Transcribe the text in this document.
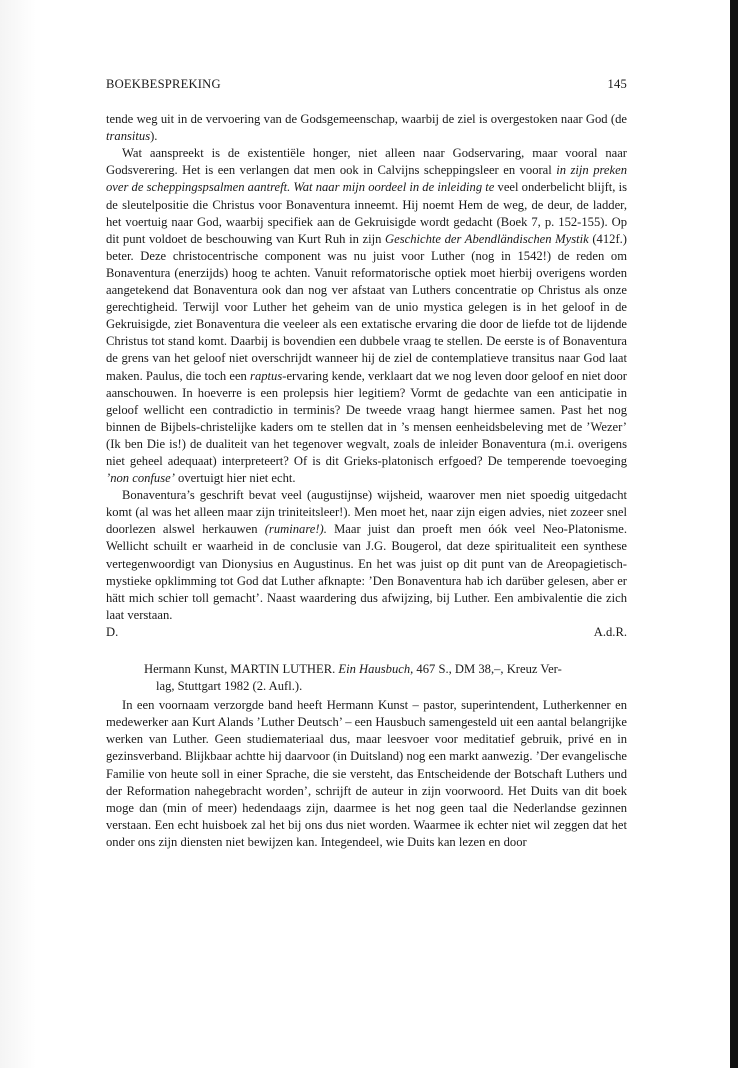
BOEKBESPREKING	145

tende weg uit in de vervoering van de Godsgemeenschap, waarbij de ziel is overgestoken naar God (de transitus).

Wat aanspreekt is de existentiële honger, niet alleen naar Godservaring, maar vooral naar Godsverering. Het is een verlangen dat men ook in Calvijns scheppingsleer en vooral in zijn preken over de scheppingspsalmen aantreft. Wat naar mijn oordeel in de inleiding te veel onderbelicht blijft, is de sleutelpositie die Christus voor Bonaventura inneemt. Hij noemt Hem de weg, de deur, de ladder, het voertuig naar God, waarbij specifiek aan de Gekruisigde wordt gedacht (Boek 7, p. 152-155). Op dit punt voldoet de beschouwing van Kurt Ruh in zijn Geschichte der Abendländischen Mystik (412f.) beter. Deze christocentrische component was nu juist voor Luther (nog in 1542!) de reden om Bonaventura (enerzijds) hoog te achten. Vanuit reformatorische optiek moet hierbij overigens worden aangetekend dat Bonaventura ook dan nog ver afstaat van Luthers concentratie op Christus als onze gerechtigheid. Terwijl voor Luther het geheim van de unio mystica gelegen is in het geloof in de Gekruisigde, ziet Bonaventura die veeleer als een extatische ervaring die door de liefde tot de lijdende Christus tot stand komt. Daarbij is bovendien een dubbele vraag te stellen. De eerste is of Bonaventura de grens van het geloof niet overschrijdt wanneer hij de ziel de contemplatieve transitus naar God laat maken. Paulus, die toch een raptus-ervaring kende, verklaart dat we nog leven door geloof en niet door aanschouwen. In hoeverre is een prolepsis hier legitiem? Vormt de gedachte van een anticipatie in geloof wellicht een contradictio in terminis? De tweede vraag hangt hiermee samen. Past het nog binnen de Bijbels-christelijke kaders om te stellen dat in ’s mensen eenheidsbeleving met de ’Wezer’ (Ik ben Die is!) de dualiteit van het tegenover wegvalt, zoals de inleider Bonaventura (m.i. overigens niet geheel adequaat) interpreteert? Of is dit Grieks-platonisch erfgoed? De temperende toevoeging ’non confuse’ overtuigt hier niet echt.

Bonaventura’s geschrift bevat veel (augustijnse) wijsheid, waarover men niet spoedig uitgedacht komt (al was het alleen maar zijn triniteitsleer!). Men moet het, naar zijn eigen advies, niet zozeer snel doorlezen alswel herkauwen (ruminare!). Maar juist dan proeft men óók veel Neo-Platonisme. Wellicht schuilt er waarheid in de conclusie van J.G. Bougerol, dat deze spiritualiteit een synthese vertegenwoordigt van Dionysius en Augustinus. En het was juist op dit punt van de Areopagietisch-mystieke opklimming tot God dat Luther afknapte: ’Den Bonaventura hab ich darüber gelesen, aber er hätt mich schier toll gemacht’. Naast waardering dus afwijzing, bij Luther. Een ambivalentie die zich laat verstaan.

D.	A.d.R.

Hermann Kunst, MARTIN LUTHER. Ein Hausbuch, 467 S., DM 38,–, Kreuz Ver-
lag, Stuttgart 1982 (2. Aufl.).

In een voornaam verzorgde band heeft Hermann Kunst – pastor, superintendent, Lutherkenner en medewerker aan Kurt Alands ’Luther Deutsch’ – een Hausbuch samengesteld uit een aantal belangrijke werken van Luther. Geen studiemateriaal dus, maar leesvoer voor meditatief gebruik, privé en in gezinsverband. Blijkbaar achtte hij daarvoor (in Duitsland) nog een markt aanwezig. ’Der evangelische Familie von heute soll in einer Sprache, die sie versteht, das Entscheidende der Botschaft Luthers und der Reformation nahegebracht worden’, schrijft de auteur in zijn voorwoord. Het Duits van dit boek moge dan (min of meer) hedendaags zijn, daarmee is het nog geen taal die Nederlandse gezinnen verstaan. Een echt huisboek zal het bij ons dus niet worden. Waarmee ik echter niet wil zeggen dat het onder ons zijn diensten niet bewijzen kan. Integendeel, wie Duits kan lezen en door
